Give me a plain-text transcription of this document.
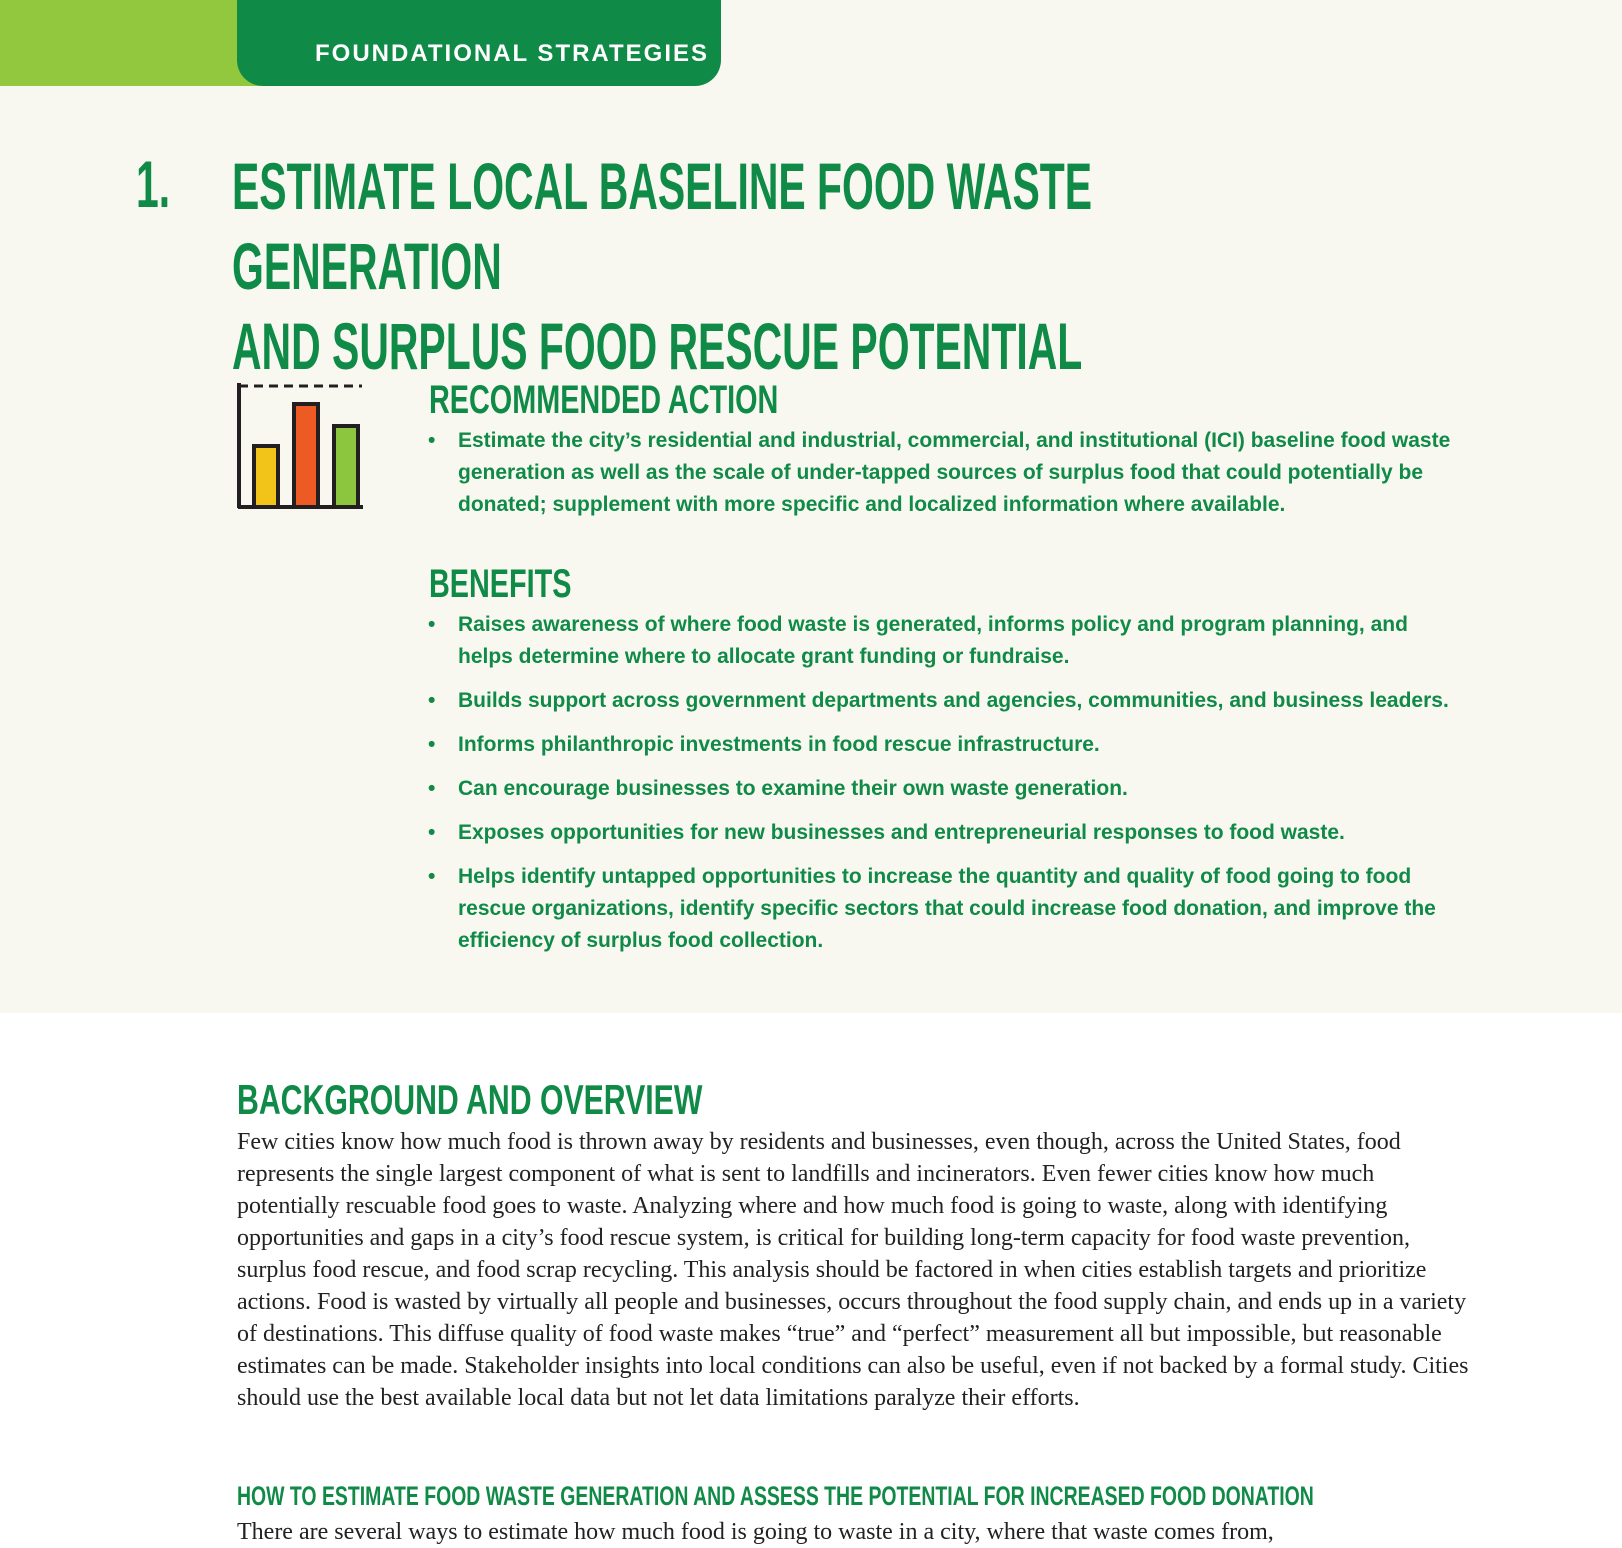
FOUNDATIONAL STRATEGIES
1. ESTIMATE LOCAL BASELINE FOOD WASTE GENERATION
AND SURPLUS FOOD RESCUE POTENTIAL
RECOMMENDED ACTION
• Estimate the city’s residential and industrial, commercial, and institutional (ICI) baseline food waste generation as well as the scale of under-tapped sources of surplus food that could potentially be donated; supplement with more specific and localized information where available.
BENEFITS
• Raises awareness of where food waste is generated, informs policy and program planning, and helps determine where to allocate grant funding or fundraise.
• Builds support across government departments and agencies, communities, and business leaders.
• Informs philanthropic investments in food rescue infrastructure.
• Can encourage businesses to examine their own waste generation.
• Exposes opportunities for new businesses and entrepreneurial responses to food waste.
• Helps identify untapped opportunities to increase the quantity and quality of food going to food rescue organizations, identify specific sectors that could increase food donation, and improve the efficiency of surplus food collection.
BACKGROUND AND OVERVIEW

Few cities know how much food is thrown away by residents and businesses, even though, across the United States, food represents the single largest component of what is sent to landfills and incinerators. Even fewer cities know how much potentially rescuable food goes to waste. Analyzing where and how much food is going to waste, along with identifying opportunities and gaps in a city’s food rescue system, is critical for building long-term capacity for food waste prevention, surplus food rescue, and food scrap recycling. This analysis should be factored in when cities establish targets and prioritize actions. Food is wasted by virtually all people and businesses, occurs throughout the food supply chain, and ends up in a variety of destinations. This diffuse quality of food waste makes “true” and “perfect” measurement all but impossible, but reasonable estimates can be made. Stakeholder insights into local conditions can also be useful, even if not backed by a formal study. Cities should use the best available local data but not let data limitations paralyze their efforts.

HOW TO ESTIMATE FOOD WASTE GENERATION AND ASSESS THE POTENTIAL FOR INCREASED FOOD DONATION

There are several ways to estimate how much food is going to waste in a city, where that waste comes from,
